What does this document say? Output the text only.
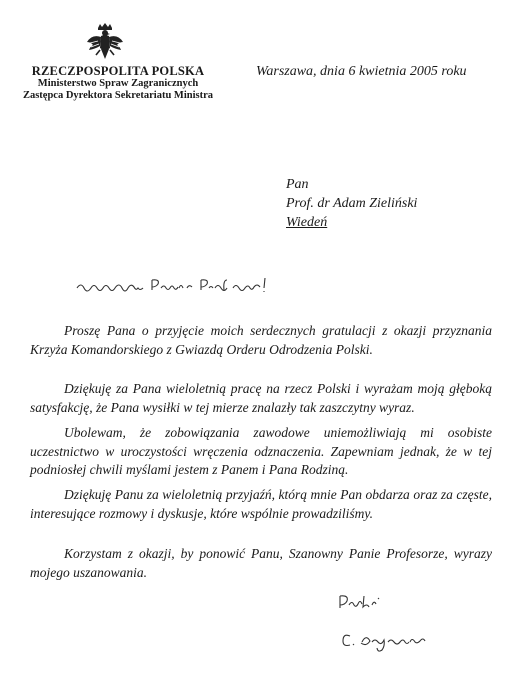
RZECZPOSPOLITA POLSKA
Ministerstwo Spraw Zagranicznych
Zastępca Dyrektora Sekretariatu Ministra
Warszawa, dnia 6 kwietnia 2005 roku
Pan
Prof. dr Adam Zieliński
Wiedeń

Proszę Pana o przyjęcie moich serdecznych gratulacji z okazji przyznania Krzyża Komandorskiego z Gwiazdą Orderu Odrodzenia Polski.

Dziękuję za Pana wieloletnią pracę na rzecz Polski i wyrażam moją głęboką satysfakcję, że Pana wysiłki w tej mierze znalazły tak zaszczytny wyraz.

Ubolewam, że zobowiązania zawodowe uniemożliwiają mi osobiste uczestnictwo w uroczystości wręczenia odznaczenia. Zapewniam jednak, że w tej podniosłej chwili myślami jestem z Panem i Pana Rodziną.

Dziękuję Panu za wieloletnią przyjaźń, którą mnie Pan obdarza oraz za częste, interesujące rozmowy i dyskusje, które wspólnie prowadziliśmy.

Korzystam z okazji, by ponowić Panu, Szanowny Panie Profesorze, wyrazy mojego uszanowania.
